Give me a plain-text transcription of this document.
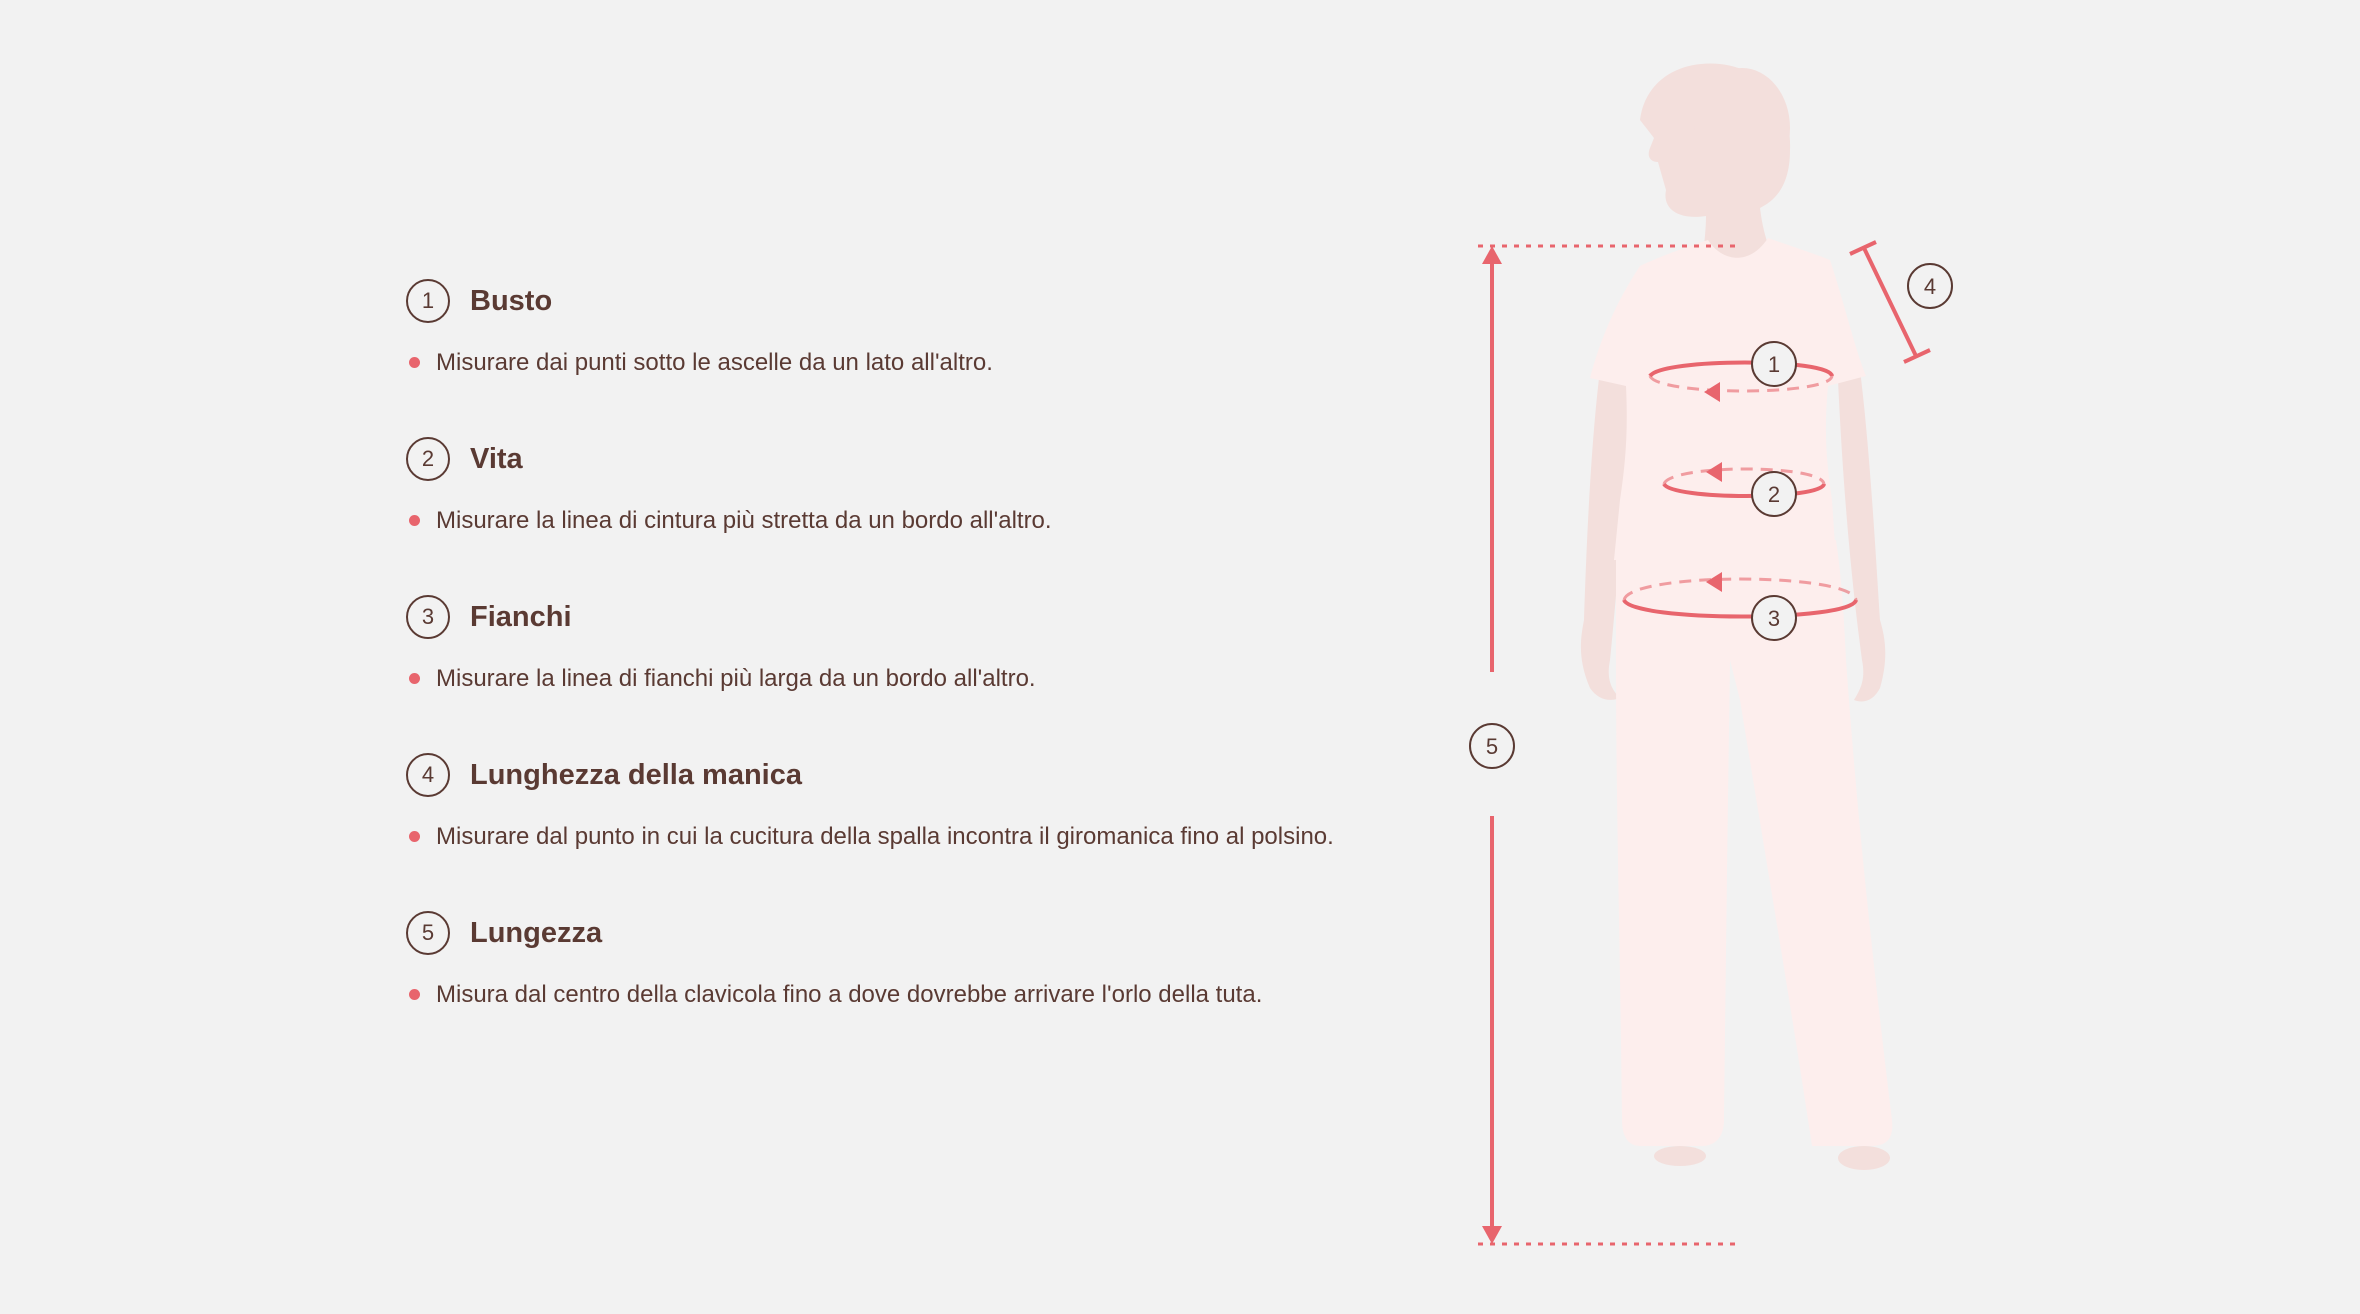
1	Busto
Misurare dai punti sotto le ascelle da un lato all'altro.
2	Vita
Misurare la linea di cintura più stretta da un bordo all'altro.
3	Fianchi
Misurare la linea di fianchi più larga da un bordo all'altro.
4	Lunghezza della manica
Misurare dal punto in cui la cucitura della spalla incontra il giromanica fino al polsino.
5	Lungezza
Misura dal centro della clavicola fino a dove dovrebbe arrivare l'orlo della tuta.
5
4
1
2
3
